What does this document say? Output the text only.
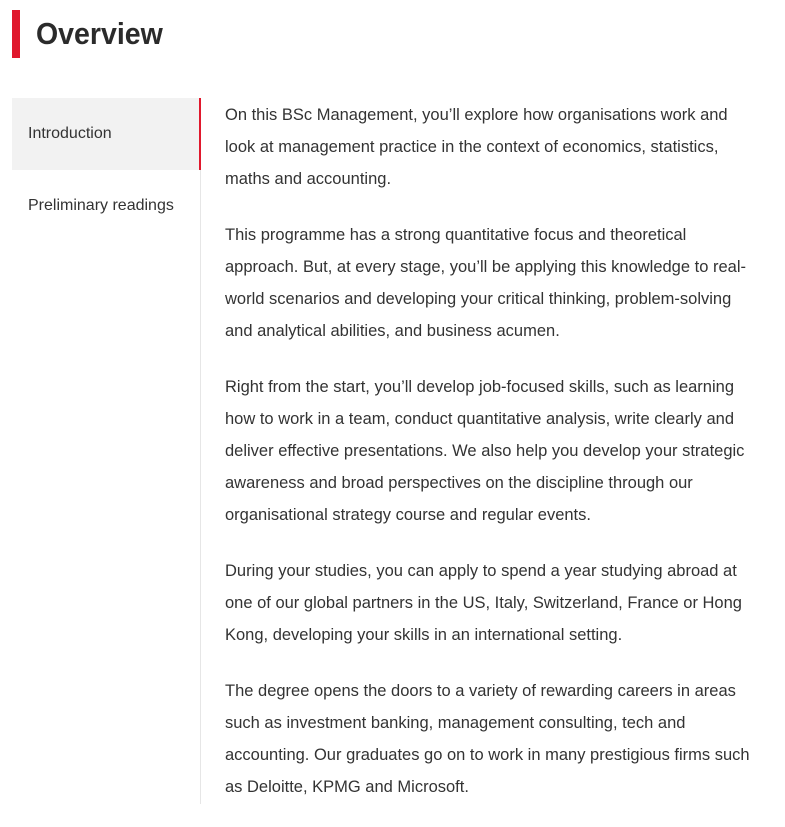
Overview
Introduction
Preliminary readings

On this BSc Management, you’ll explore how organisations work and look at management practice in the context of economics, statistics, maths and accounting.

This programme has a strong quantitative focus and theoretical approach. But, at every stage, you’ll be applying this knowledge to real-world scenarios and developing your critical thinking, problem-solving and analytical abilities, and business acumen.

Right from the start, you’ll develop job-focused skills, such as learning how to work in a team, conduct quantitative analysis, write clearly and deliver effective presentations. We also help you develop your strategic awareness and broad perspectives on the discipline through our organisational strategy course and regular events.

During your studies, you can apply to spend a year studying abroad at one of our global partners in the US, Italy, Switzerland, France or Hong Kong, developing your skills in an international setting.

The degree opens the doors to a variety of rewarding careers in areas such as investment banking, management consulting, tech and accounting. Our graduates go on to work in many prestigious firms such as Deloitte, KPMG and Microsoft.
